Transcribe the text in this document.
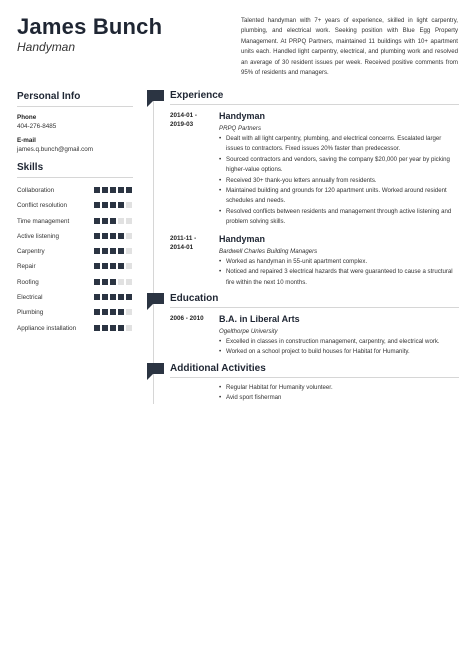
James Bunch
Handyman
Talented handyman with 7+ years of experience, skilled in light carpentry, plumbing, and electrical work. Seeking position with Blue Egg Property Management. At PRPQ Partners, maintained 11 buildings with 10+ apartment units each. Handled light carpentry, electrical, and plumbing work and resolved an average of 30 resident issues per week. Received positive comments from 95% of residents and managers.
Personal Info
Phone
404-276-8485
E-mail
james.q.bunch@gmail.com
Skills
Collaboration
Conflict resolution
Time management
Active listening
Carpentry
Repair
Roofing
Electrical
Plumbing
Appliance installation
Experience
2014-01 - 2019-03
Handyman
PRPQ Partners
• Dealt with all light carpentry, plumbing, and electrical concerns. Escalated larger issues to contractors. Fixed issues 20% faster than predecessor.
• Sourced contractors and vendors, saving the company $20,000 per year by picking higher-value options.
• Received 30+ thank-you letters annually from residents.
• Maintained building and grounds for 120 apartment units. Worked around resident schedules and needs.
• Resolved conflicts between residents and management through active listening and problem solving skills.
2011-11 - 2014-01
Handyman
Bardwell Charles Building Managers
• Worked as handyman in 55-unit apartment complex.
• Noticed and repaired 3 electrical hazards that were guaranteed to cause a structural fire within the next 10 months.
Education
2006 - 2010	B.A. in Liberal Arts
Ogelthorpe University
• Excelled in classes in construction management, carpentry, and electrical work.
• Worked on a school project to build houses for Habitat for Humanity.
Additional Activities
• Regular Habitat for Humanity volunteer.
• Avid sport fisherman
